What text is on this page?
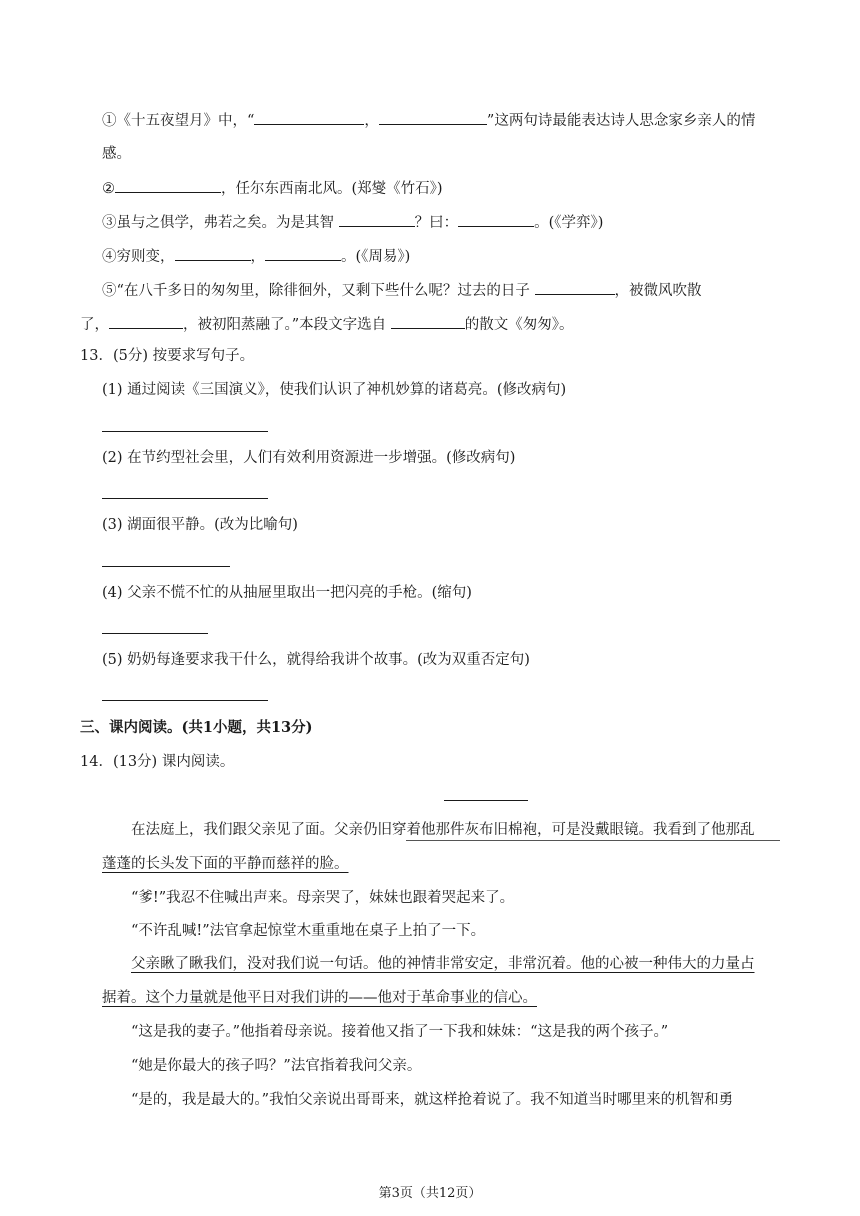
①《十五夜望月》中，“	，	”这两句诗最能表达诗人思念家乡亲人的情
感。
②	，任尔东西南北风。(郑燮《竹石》)
③虽与之俱学，弗若之矣。为是其智	？曰：	。(《学弈》)
④穷则变，	，	。(《周易》)
⑤“在八千多日的匆匆里，除徘徊外，又剩下些什么呢？过去的日子	，被微风吹散
了，	，被初阳蒸融了。”本段文字选自	的散文《匆匆》。
13．(5分) 按要求写句子。
(1) 通过阅读《三国演义》，使我们认识了神机妙算的诸葛亮。(修改病句)
(2) 在节约型社会里，人们有效利用资源进一步增强。(修改病句)
(3) 湖面很平静。(改为比喻句)
(4) 父亲不慌不忙的从抽屉里取出一把闪亮的手枪。(缩句)
(5) 奶奶每逢要求我干什么，就得给我讲个故事。(改为双重否定句)
三、课内阅读。(共1小题，共13分)
14．(13分) 课内阅读。
在法庭上，我们跟父亲见了面。父亲仍旧穿着他那件灰布旧棉袍，可是没戴眼镜。我看到了他那乱
蓬蓬的长头发下面的平静而慈祥的脸。
“爹!”我忍不住喊出声来。母亲哭了，妹妹也跟着哭起来了。
“不许乱喊!”法官拿起惊堂木重重地在桌子上拍了一下。
父亲瞅了瞅我们，没对我们说一句话。他的神情非常安定，非常沉着。他的心被一种伟大的力量占
据着。这个力量就是他平日对我们讲的——他对于革命事业的信心。
“这是我的妻子。”他指着母亲说。接着他又指了一下我和妹妹：“这是我的两个孩子。”
“她是你最大的孩子吗？”法官指着我问父亲。
“是的，我是最大的。”我怕父亲说出哥哥来，就这样抢着说了。我不知道当时哪里来的机智和勇
第3页（共12页）
